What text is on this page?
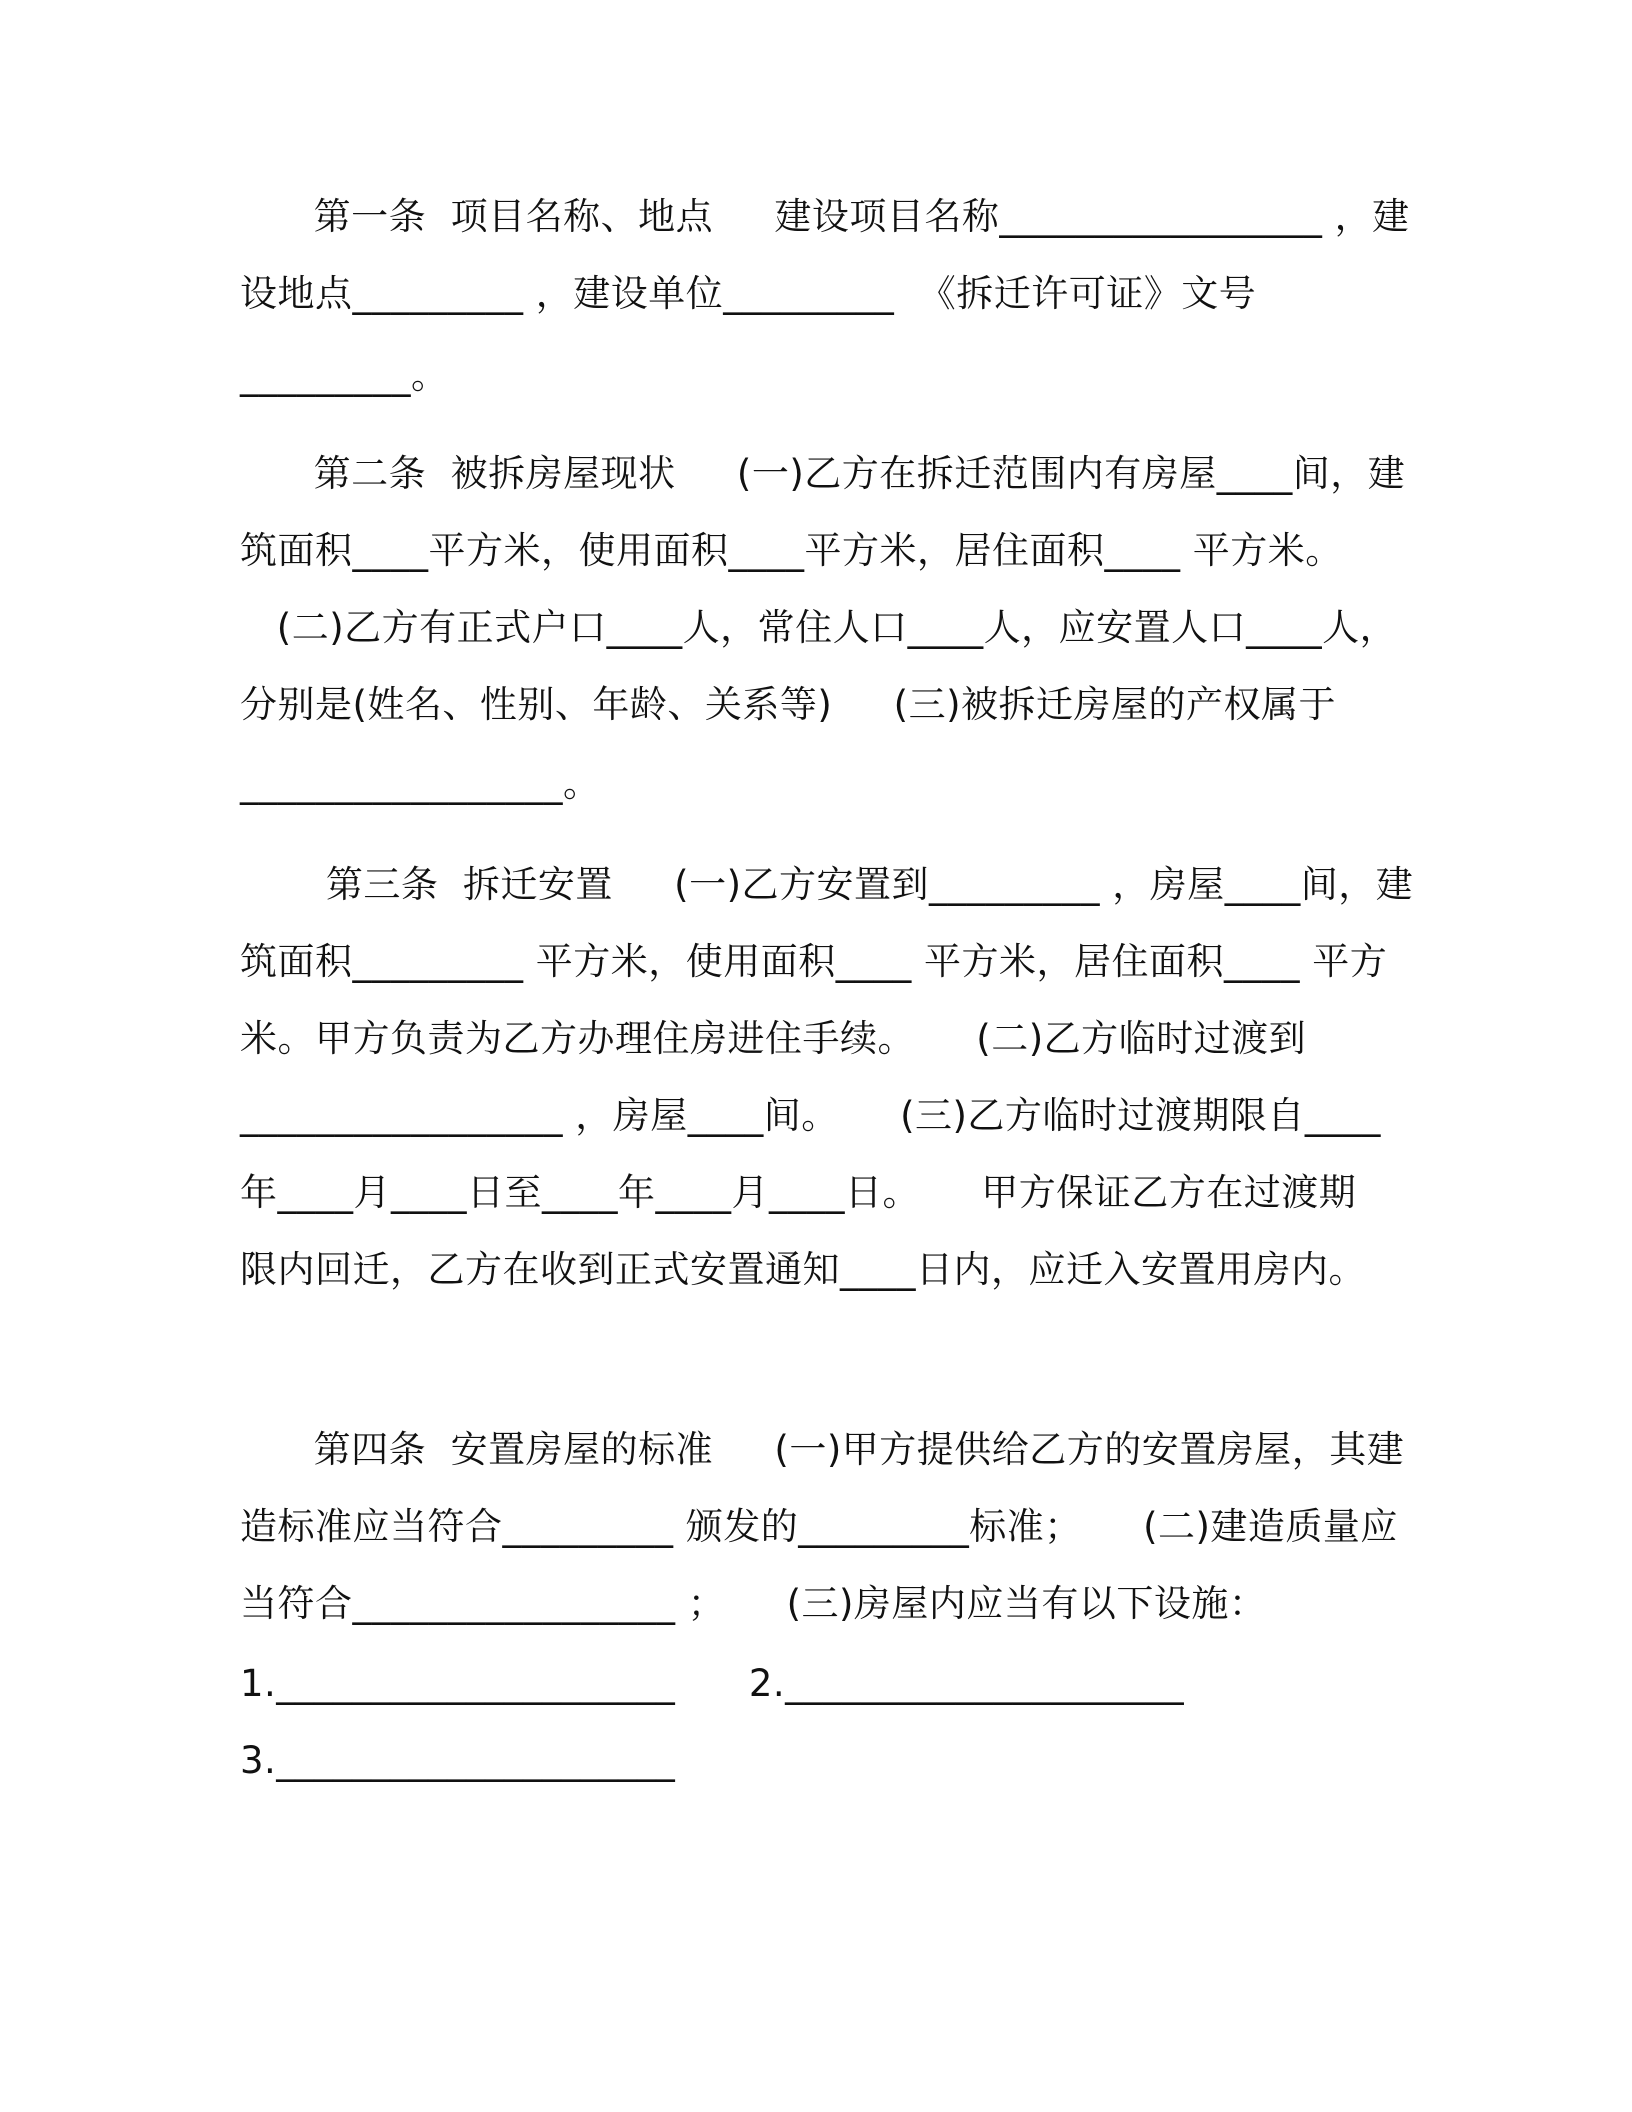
第一条  项目名称、地点     建设项目名称_________________ ，建
设地点_________ ，建设单位_________  《拆迁许可证》文号
_________。
第二条  被拆房屋现状     (一)乙方在拆迁范围内有房屋____间，建
筑面积____平方米，使用面积____平方米，居住面积____ 平方米。
(二)乙方有正式户口____人，常住人口____人，应安置人口____人，
分别是(姓名、性别、年龄、关系等)     (三)被拆迁房屋的产权属于
_________________。
第三条  拆迁安置     (一)乙方安置到_________ ，房屋____间，建
筑面积_________ 平方米，使用面积____ 平方米，居住面积____ 平方
米。甲方负责为乙方办理住房进住手续。     (二)乙方临时过渡到
_________________ ，房屋____间。     (三)乙方临时过渡期限自____
年____月____日至____年____月____日。     甲方保证乙方在过渡期
限内回迁，乙方在收到正式安置通知____日内，应迁入安置用房内。
第四条  安置房屋的标准     (一)甲方提供给乙方的安置房屋，其建
造标准应当符合_________ 颁发的_________标准；     (二)建造质量应
当符合_________________ ；     (三)房屋内应当有以下设施：
1._____________________      2._____________________
3._____________________
